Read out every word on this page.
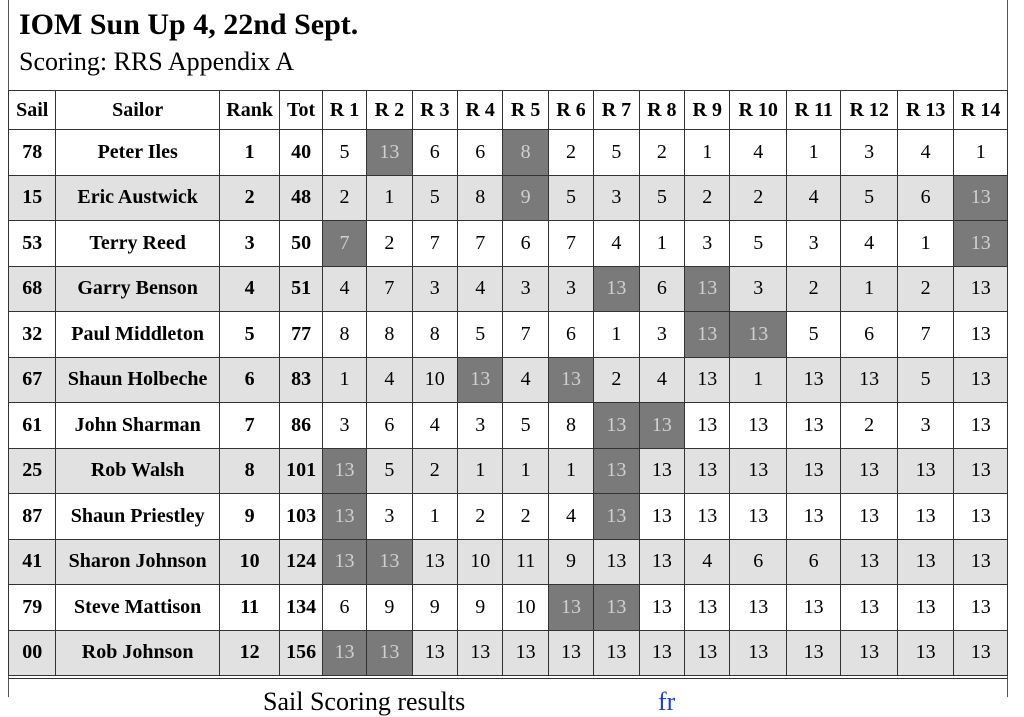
IOM Sun Up 4, 22nd Sept.
Scoring: RRS Appendix A
Sail	Sailor	Rank	Tot	R 1	R 2	R 3	R 4	R 5	R 6	R 7	R 8	R 9	R 10	R 11	R 12	R 13	R 14
78	Peter Iles	1	40	5	13	6	6	8	2	5	2	1	4	1	3	4	1
15	Eric Austwick	2	48	2	1	5	8	9	5	3	5	2	2	4	5	6	13
53	Terry Reed	3	50	7	2	7	7	6	7	4	1	3	5	3	4	1	13
68	Garry Benson	4	51	4	7	3	4	3	3	13	6	13	3	2	1	2	13
32	Paul Middleton	5	77	8	8	8	5	7	6	1	3	13	13	5	6	7	13
67	Shaun Holbeche	6	83	1	4	10	13	4	13	2	4	13	1	13	13	5	13
61	John Sharman	7	86	3	6	4	3	5	8	13	13	13	13	13	2	3	13
25	Rob Walsh	8	101	13	5	2	1	1	1	13	13	13	13	13	13	13	13
87	Shaun Priestley	9	103	13	3	1	2	2	4	13	13	13	13	13	13	13	13
41	Sharon Johnson	10	124	13	13	13	10	11	9	13	13	4	6	6	13	13	13
79	Steve Mattison	11	134	6	9	9	9	10	13	13	13	13	13	13	13	13	13
00	Rob Johnson	12	156	13	13	13	13	13	13	13	13	13	13	13	13	13	13
Sail Scoring results	fr
